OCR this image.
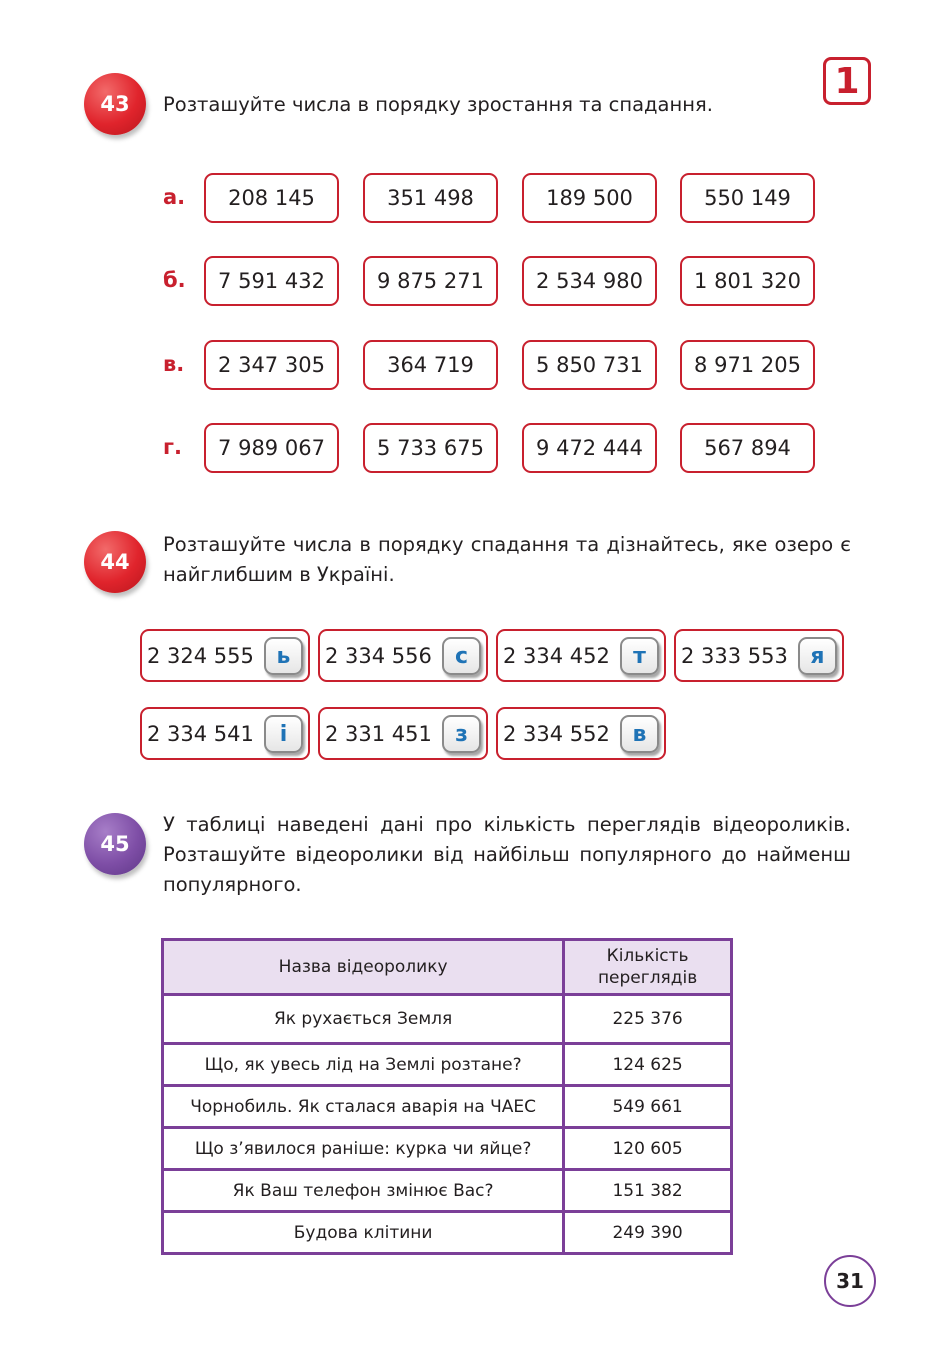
1
43	Розташуйте числа в порядку зростання та спадання.
а.	208 145	351 498	189 500	550 149
б.	7 591 432	9 875 271	2 534 980	1 801 320
в.	2 347 305	364 719	5 850 731	8 971 205
г.	7 989 067	5 733 675	9 472 444	567 894
44
Розташуйте числа в порядку спадання та дізнайтесь, яке озеро є найглибшим в Україні.
2 324 555	ь	2 334 556	с	2 334 452	т	2 333 553	я
2 334 541	і	2 331 451	з	2 334 552	в
45
У таблиці наведені дані про кількість переглядів відеороликів. Розташуйте відеоролики від найбільш популярного до найменш популярного.
Назва відеоролику	Кількість переглядів
Як рухається Земля	225 376
Що, як увесь лід на Землі розтане?	124 625
Чорнобиль. Як сталася аварія на ЧАЕС	549 661
Що з’явилося раніше: курка чи яйце?	120 605
Як Ваш телефон змінює Вас?	151 382
Будова клітини	249 390
31
